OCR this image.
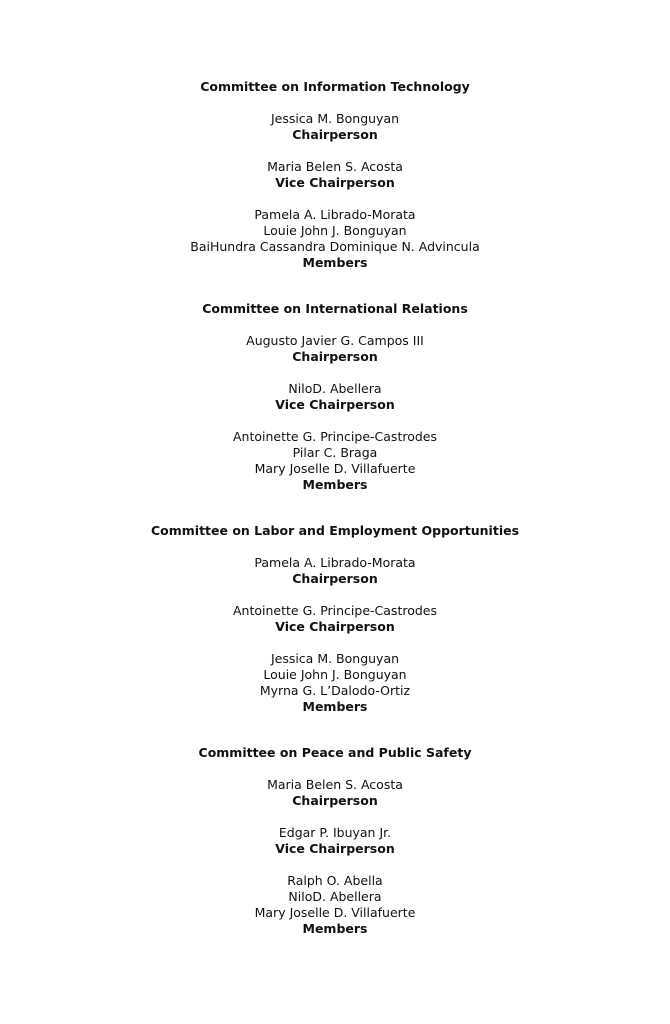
Committee on Information Technology
Jessica M. Bonguyan
Chairperson
Maria Belen S. Acosta
Vice Chairperson
Pamela A. Librado-Morata
Louie John J. Bonguyan
BaiHundra Cassandra Dominique N. Advincula
Members
Committee on International Relations
Augusto Javier G. Campos III
Chairperson
NiloD. Abellera
Vice Chairperson
Antoinette G. Principe-Castrodes
Pilar C. Braga
Mary Joselle D. Villafuerte
Members
Committee on Labor and Employment Opportunities
Pamela A. Librado-Morata
Chairperson
Antoinette G. Principe-Castrodes
Vice Chairperson
Jessica M. Bonguyan
Louie John J. Bonguyan
Myrna G. L’Dalodo-Ortiz
Members
Committee on Peace and Public Safety
Maria Belen S. Acosta
Chairperson
Edgar P. Ibuyan Jr.
Vice Chairperson
Ralph O. Abella
NiloD. Abellera
Mary Joselle D. Villafuerte
Members
